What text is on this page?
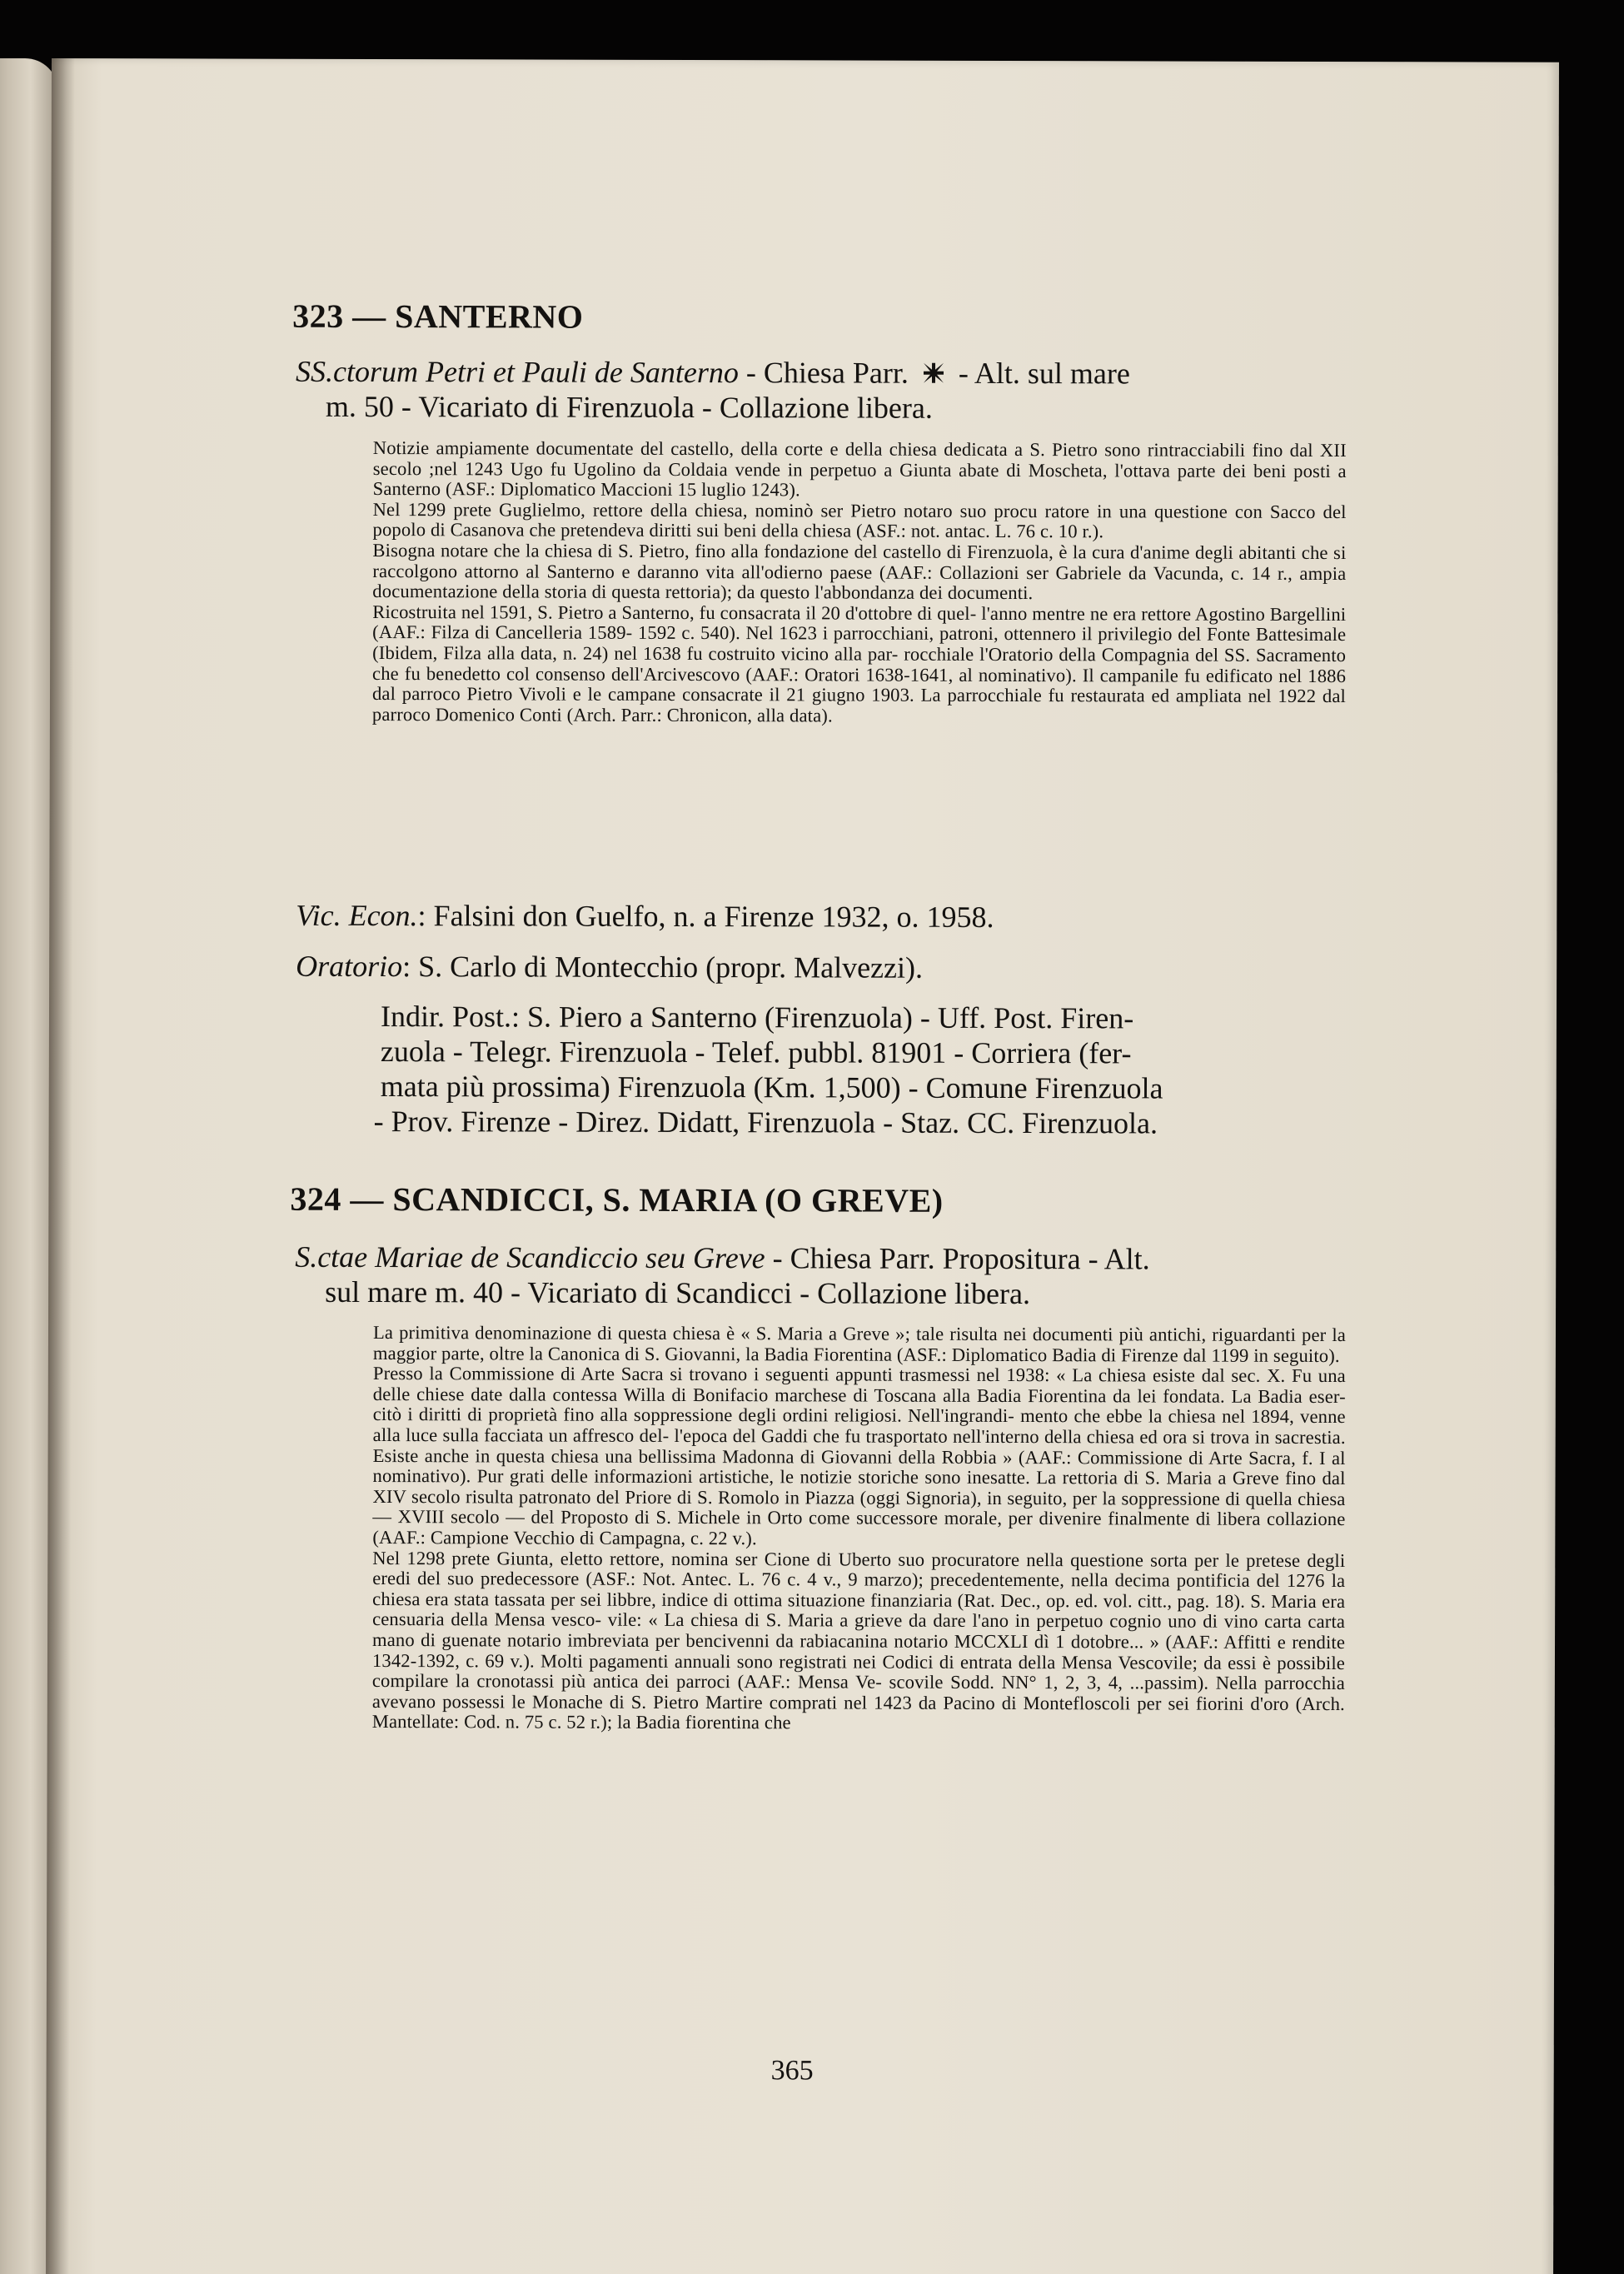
323 — SANTERNO
SS.ctorum Petri et Pauli de Santerno - Chiesa Parr. - Alt. sul mare
m. 50 - Vicariato di Firenzuola - Collazione libera.

Notizie ampiamente documentate del castello, della corte e della chiesa dedicata a S. Pietro sono rintracciabili fino dal XII secolo ;nel 1243 Ugo fu Ugolino da Coldaia vende in perpetuo a Giunta abate di Moscheta, l'ottava parte dei beni posti a Santerno (ASF.: Diplomatico Maccioni 15 luglio 1243).

Nel 1299 prete Guglielmo, rettore della chiesa, nominò ser Pietro notaro suo procu ratore in una questione con Sacco del popolo di Casanova che pretendeva diritti sui beni della chiesa (ASF.: not. antac. L. 76 c. 10 r.).

Bisogna notare che la chiesa di S. Pietro, fino alla fondazione del castello di Firenzuola, è la cura d'anime degli abitanti che si raccolgono attorno al Santerno e daranno vita all'odierno paese (AAF.: Collazioni ser Gabriele da Vacunda, c. 14 r., ampia documentazione della storia di questa rettoria); da questo l'abbondanza dei documenti.

Ricostruita nel 1591, S. Pietro a Santerno, fu consacrata il 20 d'ottobre di quel- l'anno mentre ne era rettore Agostino Bargellini (AAF.: Filza di Cancelleria 1589- 1592 c. 540). Nel 1623 i parrocchiani, patroni, ottennero il privilegio del Fonte Battesimale (Ibidem, Filza alla data, n. 24) nel 1638 fu costruito vicino alla par- rocchiale l'Oratorio della Compagnia del SS. Sacramento che fu benedetto col consenso dell'Arcivescovo (AAF.: Oratori 1638-1641, al nominativo). Il campanile fu edificato nel 1886 dal parroco Pietro Vivoli e le campane consacrate il 21 giugno 1903. La parrocchiale fu restaurata ed ampliata nel 1922 dal parroco Domenico Conti (Arch. Parr.: Chronicon, alla data).

Vic. Econ.: Falsini don Guelfo, n. a Firenze 1932, o. 1958.

Oratorio: S. Carlo di Montecchio (propr. Malvezzi).

Indir. Post.: S. Piero a Santerno (Firenzuola) - Uff. Post. Firen-
zuola - Telegr. Firenzuola - Telef. pubbl. 81901 - Corriera (fer-
mata più prossima) Firenzuola (Km. 1,500) - Comune Firenzuola
- Prov. Firenze - Direz. Didatt, Firenzuola - Staz. CC. Firenzuola.
324 — SCANDICCI, S. MARIA (O GREVE)
S.ctae Mariae de Scandiccio seu Greve - Chiesa Parr. Propositura - Alt.
sul mare m. 40 - Vicariato di Scandicci - Collazione libera.

La primitiva denominazione di questa chiesa è « S. Maria a Greve »; tale risulta nei documenti più antichi, riguardanti per la maggior parte, oltre la Canonica di S. Giovanni, la Badia Fiorentina (ASF.: Diplomatico Badia di Firenze dal 1199 in seguito).

Presso la Commissione di Arte Sacra si trovano i seguenti appunti trasmessi nel 1938: « La chiesa esiste dal sec. X. Fu una delle chiese date dalla contessa Willa di Bonifacio marchese di Toscana alla Badia Fiorentina da lei fondata. La Badia eser- citò i diritti di proprietà fino alla soppressione degli ordini religiosi. Nell'ingrandi- mento che ebbe la chiesa nel 1894, venne alla luce sulla facciata un affresco del- l'epoca del Gaddi che fu trasportato nell'interno della chiesa ed ora si trova in sacrestia. Esiste anche in questa chiesa una bellissima Madonna di Giovanni della Robbia » (AAF.: Commissione di Arte Sacra, f. I al nominativo). Pur grati delle informazioni artistiche, le notizie storiche sono inesatte. La rettoria di S. Maria a Greve fino dal XIV secolo risulta patronato del Priore di S. Romolo in Piazza (oggi Signoria), in seguito, per la soppressione di quella chiesa — XVIII secolo — del Proposto di S. Michele in Orto come successore morale, per divenire finalmente di libera collazione (AAF.: Campione Vecchio di Campagna, c. 22 v.).

Nel 1298 prete Giunta, eletto rettore, nomina ser Cione di Uberto suo procuratore nella questione sorta per le pretese degli eredi del suo predecessore (ASF.: Not. Antec. L. 76 c. 4 v., 9 marzo); precedentemente, nella decima pontificia del 1276 la chiesa era stata tassata per sei libbre, indice di ottima situazione finanziaria (Rat. Dec., op. ed. vol. citt., pag. 18). S. Maria era censuaria della Mensa vesco- vile: « La chiesa di S. Maria a grieve da dare l'ano in perpetuo cognio uno di vino carta carta mano di guenate notario imbreviata per bencivenni da rabiacanina notario MCCXLI dì 1 dotobre... » (AAF.: Affitti e rendite 1342-1392, c. 69 v.). Molti pagamenti annuali sono registrati nei Codici di entrata della Mensa Vescovile; da essi è possibile compilare la cronotassi più antica dei parroci (AAF.: Mensa Ve- scovile Sodd. NN° 1, 2, 3, 4, ...passim). Nella parrocchia avevano possessi le Monache di S. Pietro Martire comprati nel 1423 da Pacino di Montefloscoli per sei fiorini d'oro (Arch. Mantellate: Cod. n. 75 c. 52 r.); la Badia fiorentina che

365
